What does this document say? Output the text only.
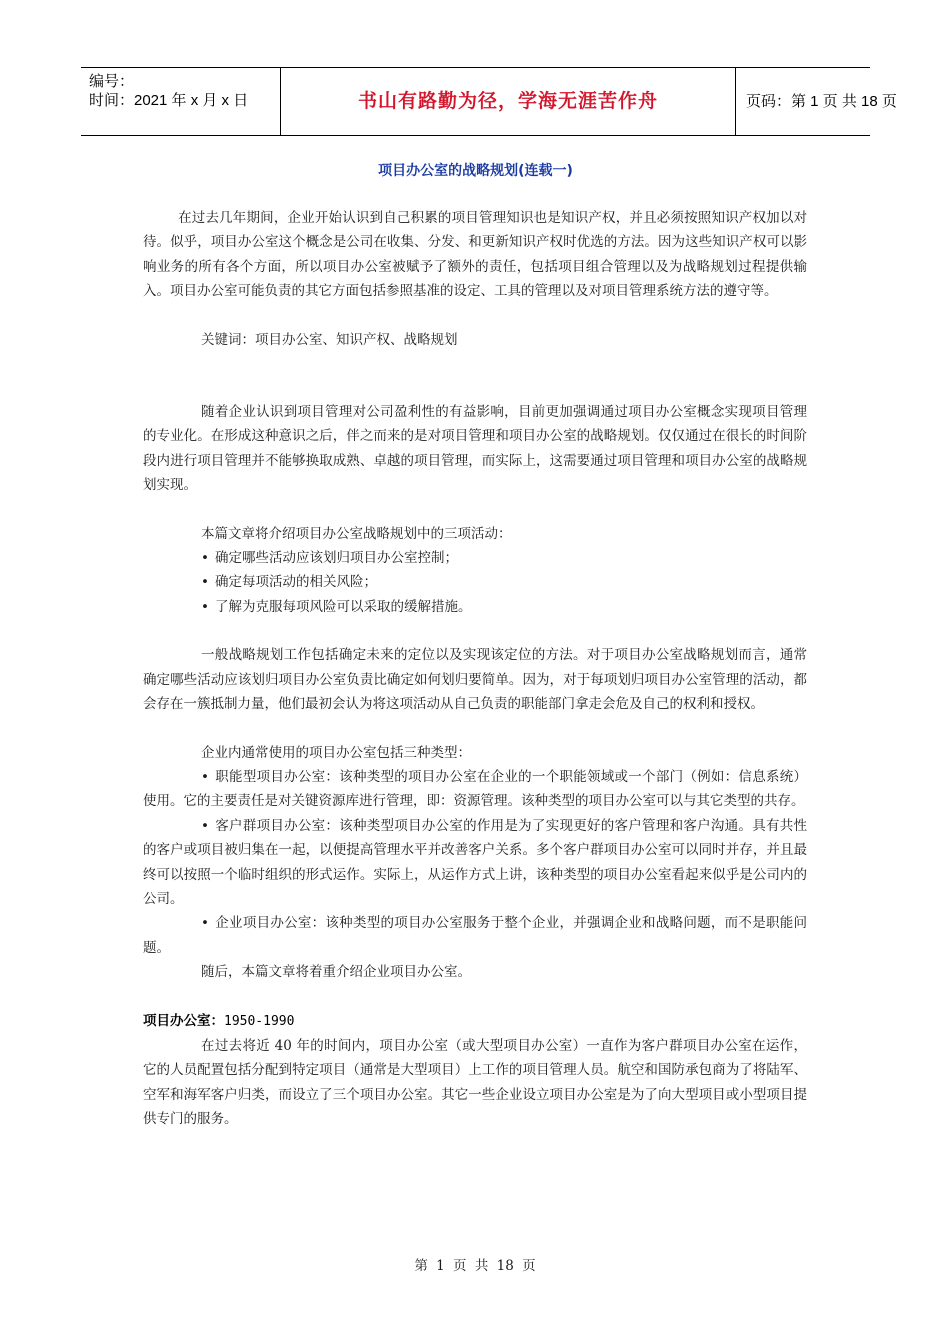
编号：
时间：2021 年 x 月 x 日	书山有路勤为径，学海无涯苦作舟	页码：第 1 页 共 18 页
项目办公室的战略规划(连载一)

在过去几年期间，企业开始认识到自己积累的项目管理知识也是知识产权，并且必须按照知识产权加以对待。似乎，项目办公室这个概念是公司在收集、分发、和更新知识产权时优选的方法。因为这些知识产权可以影响业务的所有各个方面，所以项目办公室被赋予了额外的责任，包括项目组合管理以及为战略规划过程提供输入。项目办公室可能负责的其它方面包括参照基准的设定、工具的管理以及对项目管理系统方法的遵守等。

关键词：项目办公室、知识产权、战略规划

随着企业认识到项目管理对公司盈利性的有益影响，目前更加强调通过项目办公室概念实现项目管理的专业化。在形成这种意识之后，伴之而来的是对项目管理和项目办公室的战略规划。仅仅通过在很长的时间阶段内进行项目管理并不能够换取成熟、卓越的项目管理，而实际上，这需要通过项目管理和项目办公室的战略规划实现。

本篇文章将介绍项目办公室战略规划中的三项活动：

• 确定哪些活动应该划归项目办公室控制；

• 确定每项活动的相关风险；

• 了解为克服每项风险可以采取的缓解措施。

一般战略规划工作包括确定未来的定位以及实现该定位的方法。对于项目办公室战略规划而言，通常确定哪些活动应该划归项目办公室负责比确定如何划归要简单。因为，对于每项划归项目办公室管理的活动，都会存在一簇抵制力量，他们最初会认为将这项活动从自己负责的职能部门拿走会危及自己的权利和授权。

企业内通常使用的项目办公室包括三种类型：

• 职能型项目办公室：该种类型的项目办公室在企业的一个职能领域或一个部门（例如：信息系统）使用。它的主要责任是对关键资源库进行管理，即：资源管理。该种类型的项目办公室可以与其它类型的共存。

• 客户群项目办公室：该种类型项目办公室的作用是为了实现更好的客户管理和客户沟通。具有共性的客户或项目被归集在一起，以便提高管理水平并改善客户关系。多个客户群项目办公室可以同时并存，并且最终可以按照一个临时组织的形式运作。实际上，从运作方式上讲，该种类型的项目办公室看起来似乎是公司内的公司。

• 企业项目办公室：该种类型的项目办公室服务于整个企业，并强调企业和战略问题，而不是职能问题。

随后，本篇文章将着重介绍企业项目办公室。

项目办公室：1950-1990

在过去将近 40 年的时间内，项目办公室（或大型项目办公室）一直作为客户群项目办公室在运作，它的人员配置包括分配到特定项目（通常是大型项目）上工作的项目管理人员。航空和国防承包商为了将陆军、空军和海军客户归类，而设立了三个项目办公室。其它一些企业设立项目办公室是为了向大型项目或小型项目提供专门的服务。

第 1 页 共 18 页
